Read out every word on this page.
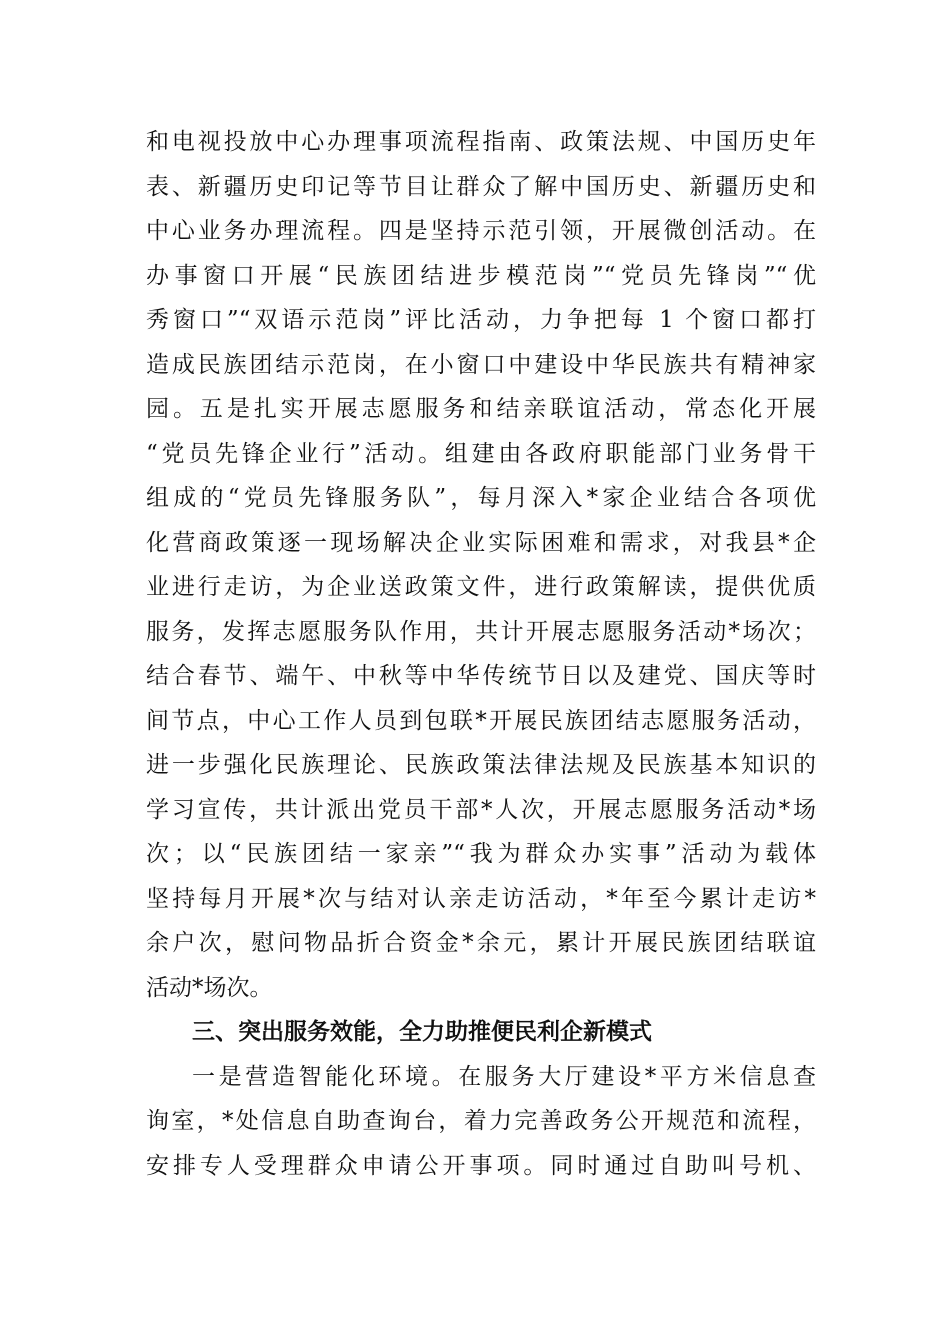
和电视投放中心办理事项流程指南、政策法规、中国历史年
表、新疆历史印记等节目让群众了解中国历史、新疆历史和
中心业务办理流程。四是坚持示范引领，开展微创活动。在
办事窗口开展“民族团结进步模范岗”“党员先锋岗”“优
秀窗口”“双语示范岗”评比活动，力争把每 1 个窗口都打
造成民族团结示范岗，在小窗口中建设中华民族共有精神家
园。五是扎实开展志愿服务和结亲联谊活动，常态化开展
“党员先锋企业行”活动。组建由各政府职能部门业务骨干
组成的“党员先锋服务队”，每月深入*家企业结合各项优
化营商政策逐一现场解决企业实际困难和需求，对我县*企
业进行走访，为企业送政策文件，进行政策解读，提供优质
服务，发挥志愿服务队作用，共计开展志愿服务活动*场次；
结合春节、端午、中秋等中华传统节日以及建党、国庆等时
间节点，中心工作人员到包联*开展民族团结志愿服务活动，
进一步强化民族理论、民族政策法律法规及民族基本知识的
学习宣传，共计派出党员干部*人次，开展志愿服务活动*场
次；以“民族团结一家亲”“我为群众办实事”活动为载体
坚持每月开展*次与结对认亲走访活动，*年至今累计走访*
余户次，慰问物品折合资金*余元，累计开展民族团结联谊
活动*场次。
三、突出服务效能，全力助推便民利企新模式
一是营造智能化环境。在服务大厅建设*平方米信息查
询室，*处信息自助查询台，着力完善政务公开规范和流程，
安排专人受理群众申请公开事项。同时通过自助叫号机、
